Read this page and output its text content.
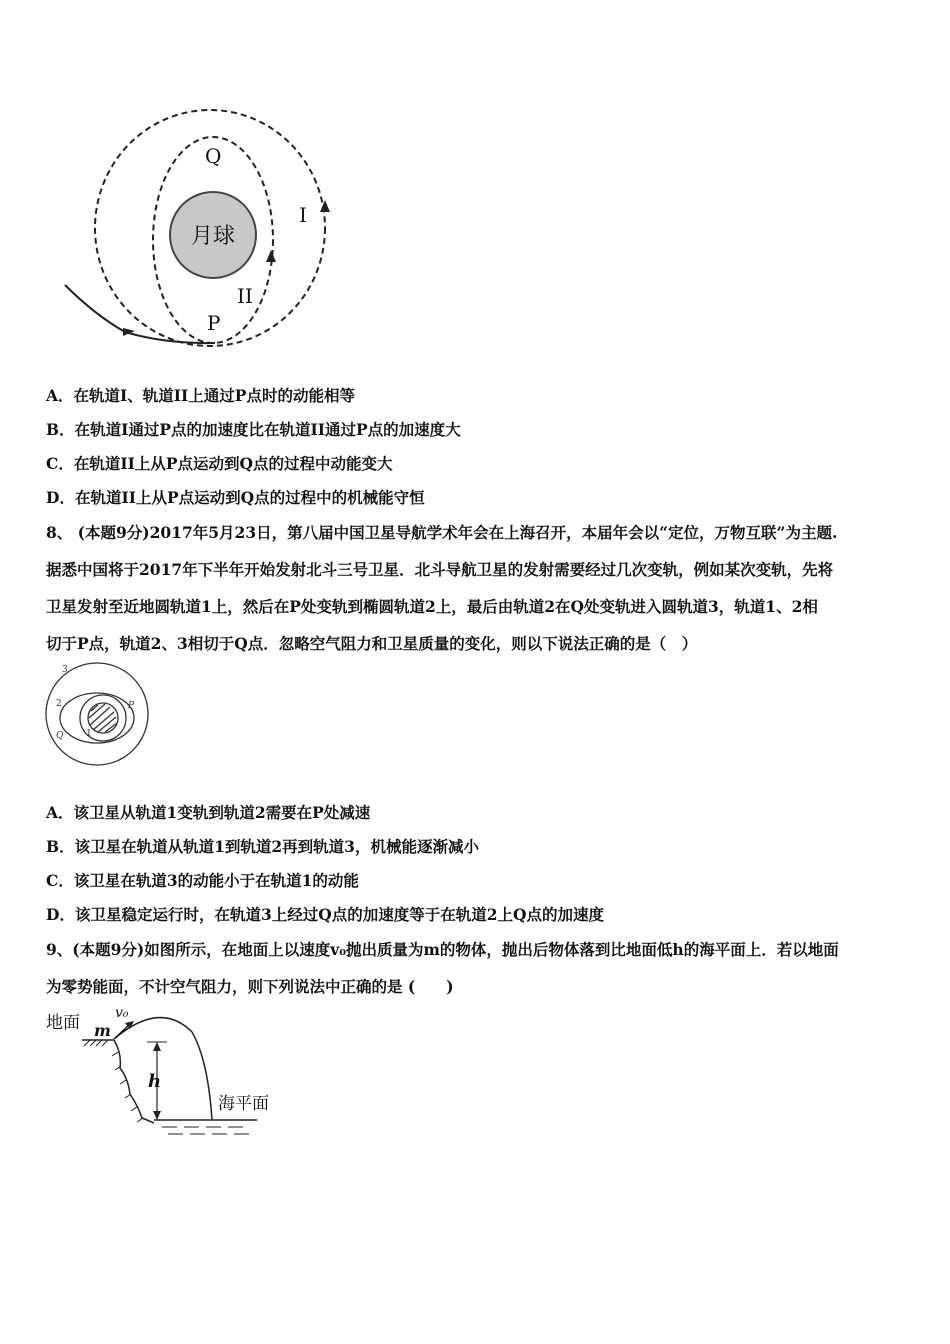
月球
Q
I
II
P
A．在轨道I、轨道II上通过P点时的动能相等
B．在轨道I通过P点的加速度比在轨道II通过P点的加速度大
C．在轨道II上从P点运动到Q点的过程中动能变大
D．在轨道II上从P点运动到Q点的过程中的机械能守恒
8、 (本题9分)2017年5月23日，第八届中国卫星导航学术年会在上海召开，本届年会以“定位，万物互联”为主题.
据悉中国将于2017年下半年开始发射北斗三号卫星．北斗导航卫星的发射需要经过几次变轨，例如某次变轨，先将
卫星发射至近地圆轨道1上，然后在P处变轨到椭圆轨道2上，最后由轨道2在Q处变轨进入圆轨道3，轨道1、2相
切于P点，轨道2、3相切于Q点．忽略空气阻力和卫星质量的变化，则以下说法正确的是（　）
3
2	P
Q	1
A．该卫星从轨道1变轨到轨道2需要在P处减速
B．该卫星在轨道从轨道1到轨道2再到轨道3，机械能逐渐减小
C．该卫星在轨道3的动能小于在轨道1的动能
D．该卫星稳定运行时，在轨道3上经过Q点的加速度等于在轨道2上Q点的加速度
9、(本题9分)如图所示，在地面上以速度v₀抛出质量为m的物体，抛出后物体落到比地面低h的海平面上．若以地面
为零势能面，不计空气阻力，则下列说法中正确的是 (　　)
地面 m
v₀
h
海平面
